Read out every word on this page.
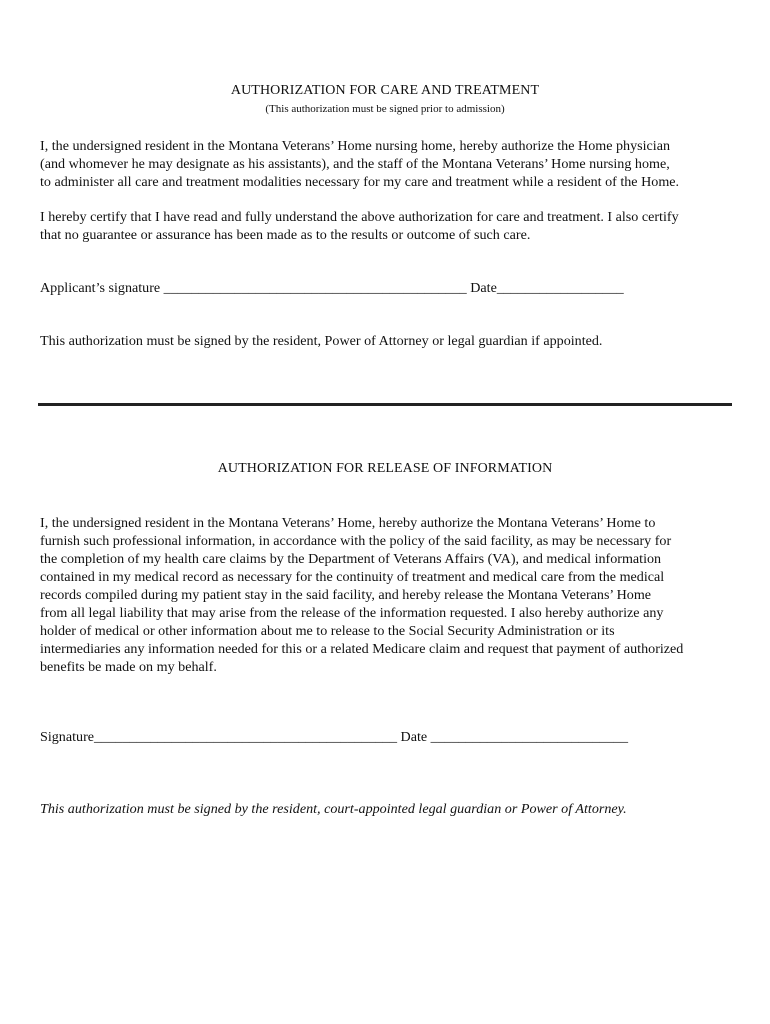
AUTHORIZATION FOR CARE AND TREATMENT
(This authorization must be signed prior to admission)
I, the undersigned resident in the Montana Veterans’ Home nursing home, hereby authorize the Home physician
(and whomever he may designate as his assistants), and the staff of the Montana Veterans’ Home nursing home,
to administer all care and treatment modalities necessary for my care and treatment while a resident of the Home.
I hereby certify that I have read and fully understand the above authorization for care and treatment. I also certify
that no guarantee or assurance has been made as to the results or outcome of such care.
Applicant’s signature ___________________________________________ Date__________________
This authorization must be signed by the resident, Power of Attorney or legal guardian if appointed.
AUTHORIZATION FOR RELEASE OF INFORMATION
I, the undersigned resident in the Montana Veterans’ Home, hereby authorize the Montana Veterans’ Home to
furnish such professional information, in accordance with the policy of the said facility, as may be necessary for
the completion of my health care claims by the Department of Veterans Affairs (VA), and medical information
contained in my medical record as necessary for the continuity of treatment and medical care from the medical
records compiled during my patient stay in the said facility, and hereby release the Montana Veterans’ Home
from all legal liability that may arise from the release of the information requested. I also hereby authorize any
holder of medical or other information about me to release to the Social Security Administration or its
intermediaries any information needed for this or a related Medicare claim and request that payment of authorized
benefits be made on my behalf.
Signature___________________________________________ Date ____________________________
This authorization must be signed by the resident, court-appointed legal guardian or Power of Attorney.
